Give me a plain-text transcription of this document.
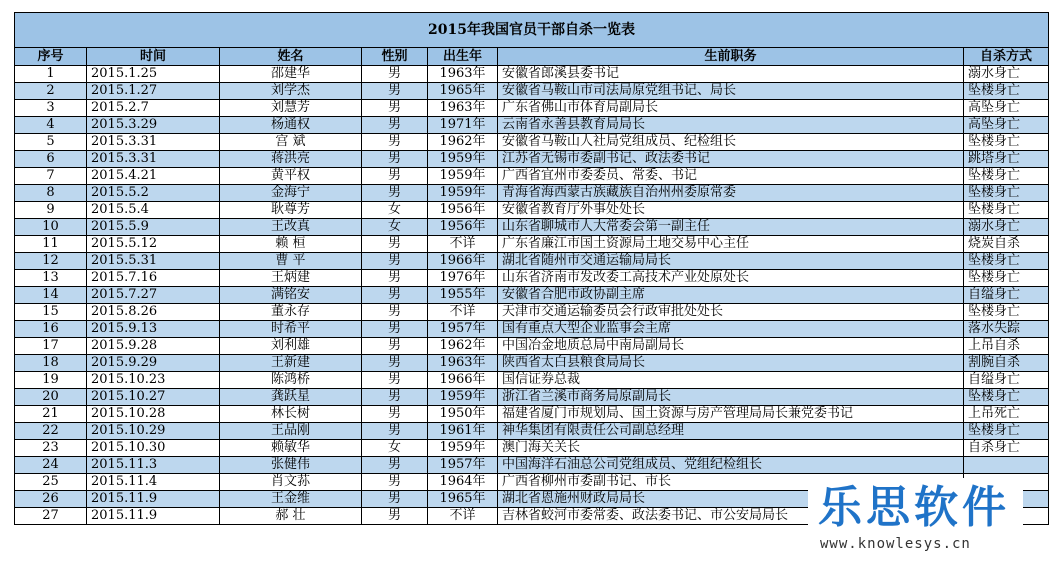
2015年我国官员干部自杀一览表						
序号	时间	姓名	性别	出生年	生前职务	自杀方式
1	2015.1.25	邵建华	男	1963年	安徽省郎溪县委书记	溺水身亡
2	2015.1.27	刘学杰	男	1965年	安徽省马鞍山市司法局原党组书记、局长	坠楼身亡
3	2015.2.7	刘慧芳	男	1963年	广东省佛山市体育局副局长	高坠身亡
4	2015.3.29	杨通权	男	1971年	云南省永善县教育局局长	高坠身亡
5	2015.3.31	宫 斌	男	1962年	安徽省马鞍山人社局党组成员、纪检组长	坠楼身亡
6	2015.3.31	蒋洪亮	男	1959年	江苏省无锡市委副书记、政法委书记	跳塔身亡
7	2015.4.21	黄平权	男	1959年	广西省宜州市委委员、常委、书记	坠楼身亡
8	2015.5.2	金海宁	男	1959年	青海省海西蒙古族藏族自治州州委原常委	坠楼身亡
9	2015.5.4	耿尊芳	女	1956年	安徽省教育厅外事处处长	坠楼身亡
10	2015.5.9	王改真	女	1956年	山东省聊城市人大常委会第一副主任	溺水身亡
11	2015.5.12	赖 桓	男	不详	广东省廉江市国土资源局土地交易中心主任	烧炭自杀
12	2015.5.31	曹 平	男	1966年	湖北省随州市交通运输局局长	坠楼身亡
13	2015.7.16	王炳建	男	1976年	山东省济南市发改委工高技术产业处原处长	坠楼身亡
14	2015.7.27	满铭安	男	1955年	安徽省合肥市政协副主席	自缢身亡
15	2015.8.26	董永存	男	不详	天津市交通运输委员会行政审批处处长	坠楼身亡
16	2015.9.13	时希平	男	1957年	国有重点大型企业监事会主席	落水失踪
17	2015.9.28	刘利雄	男	1962年	中国冶金地质总局中南局副局长	上吊自杀
18	2015.9.29	王新建	男	1963年	陕西省太白县粮食局局长	割腕自杀
19	2015.10.23	陈鸿桥	男	1966年	国信证券总裁	自缢身亡
20	2015.10.27	龚跃星	男	1959年	浙江省兰溪市商务局原副局长	坠楼身亡
21	2015.10.28	林长树	男	1950年	福建省厦门市规划局、国土资源与房产管理局局长兼党委书记	上吊死亡
22	2015.10.29	王品刚	男	1961年	神华集团有限责任公司副总经理	坠楼身亡
23	2015.10.30	赖敏华	女	1959年	澳门海关关长	自杀身亡
24	2015.11.3	张健伟	男	1957年	中国海洋石油总公司党组成员、党组纪检组长	
25	2015.11.4	肖文荪	男	1964年	广西省柳州市委副书记、市长	
26	2015.11.9	王金维	男	1965年	湖北省恩施州财政局局长	
27	2015.11.9	郝 壮	男	不详	吉林省蛟河市委常委、政法委书记、市公安局局长	乐思软件
www.knowlesys.cn
